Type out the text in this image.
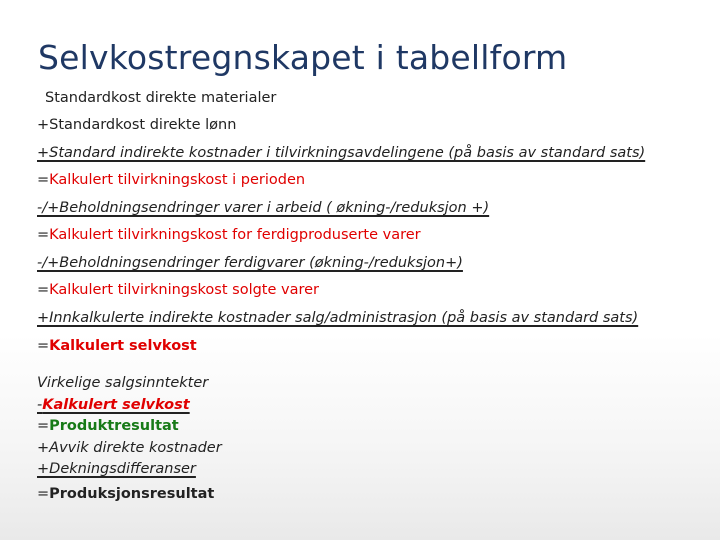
Selvkostregnskapet i tabellform
Standardkost direkte materialer
+Standardkost direkte lønn
+Standard indirekte kostnader i tilvirkningsavdelingene (på basis av standard sats)
=Kalkulert tilvirkningskost i perioden
-/+Beholdningsendringer varer i arbeid ( økning-/reduksjon +)
=Kalkulert tilvirkningskost for ferdigproduserte varer
-/+Beholdningsendringer ferdigvarer (økning-/reduksjon+)
=Kalkulert tilvirkningskost solgte varer
+Innkalkulerte indirekte kostnader salg/administrasjon (på basis av standard sats)
=Kalkulert selvkost
Virkelige salgsinntekter
-Kalkulert selvkost
=Produktresultat
+Avvik direkte kostnader
+Dekningsdifferanser
=Produksjonsresultat
